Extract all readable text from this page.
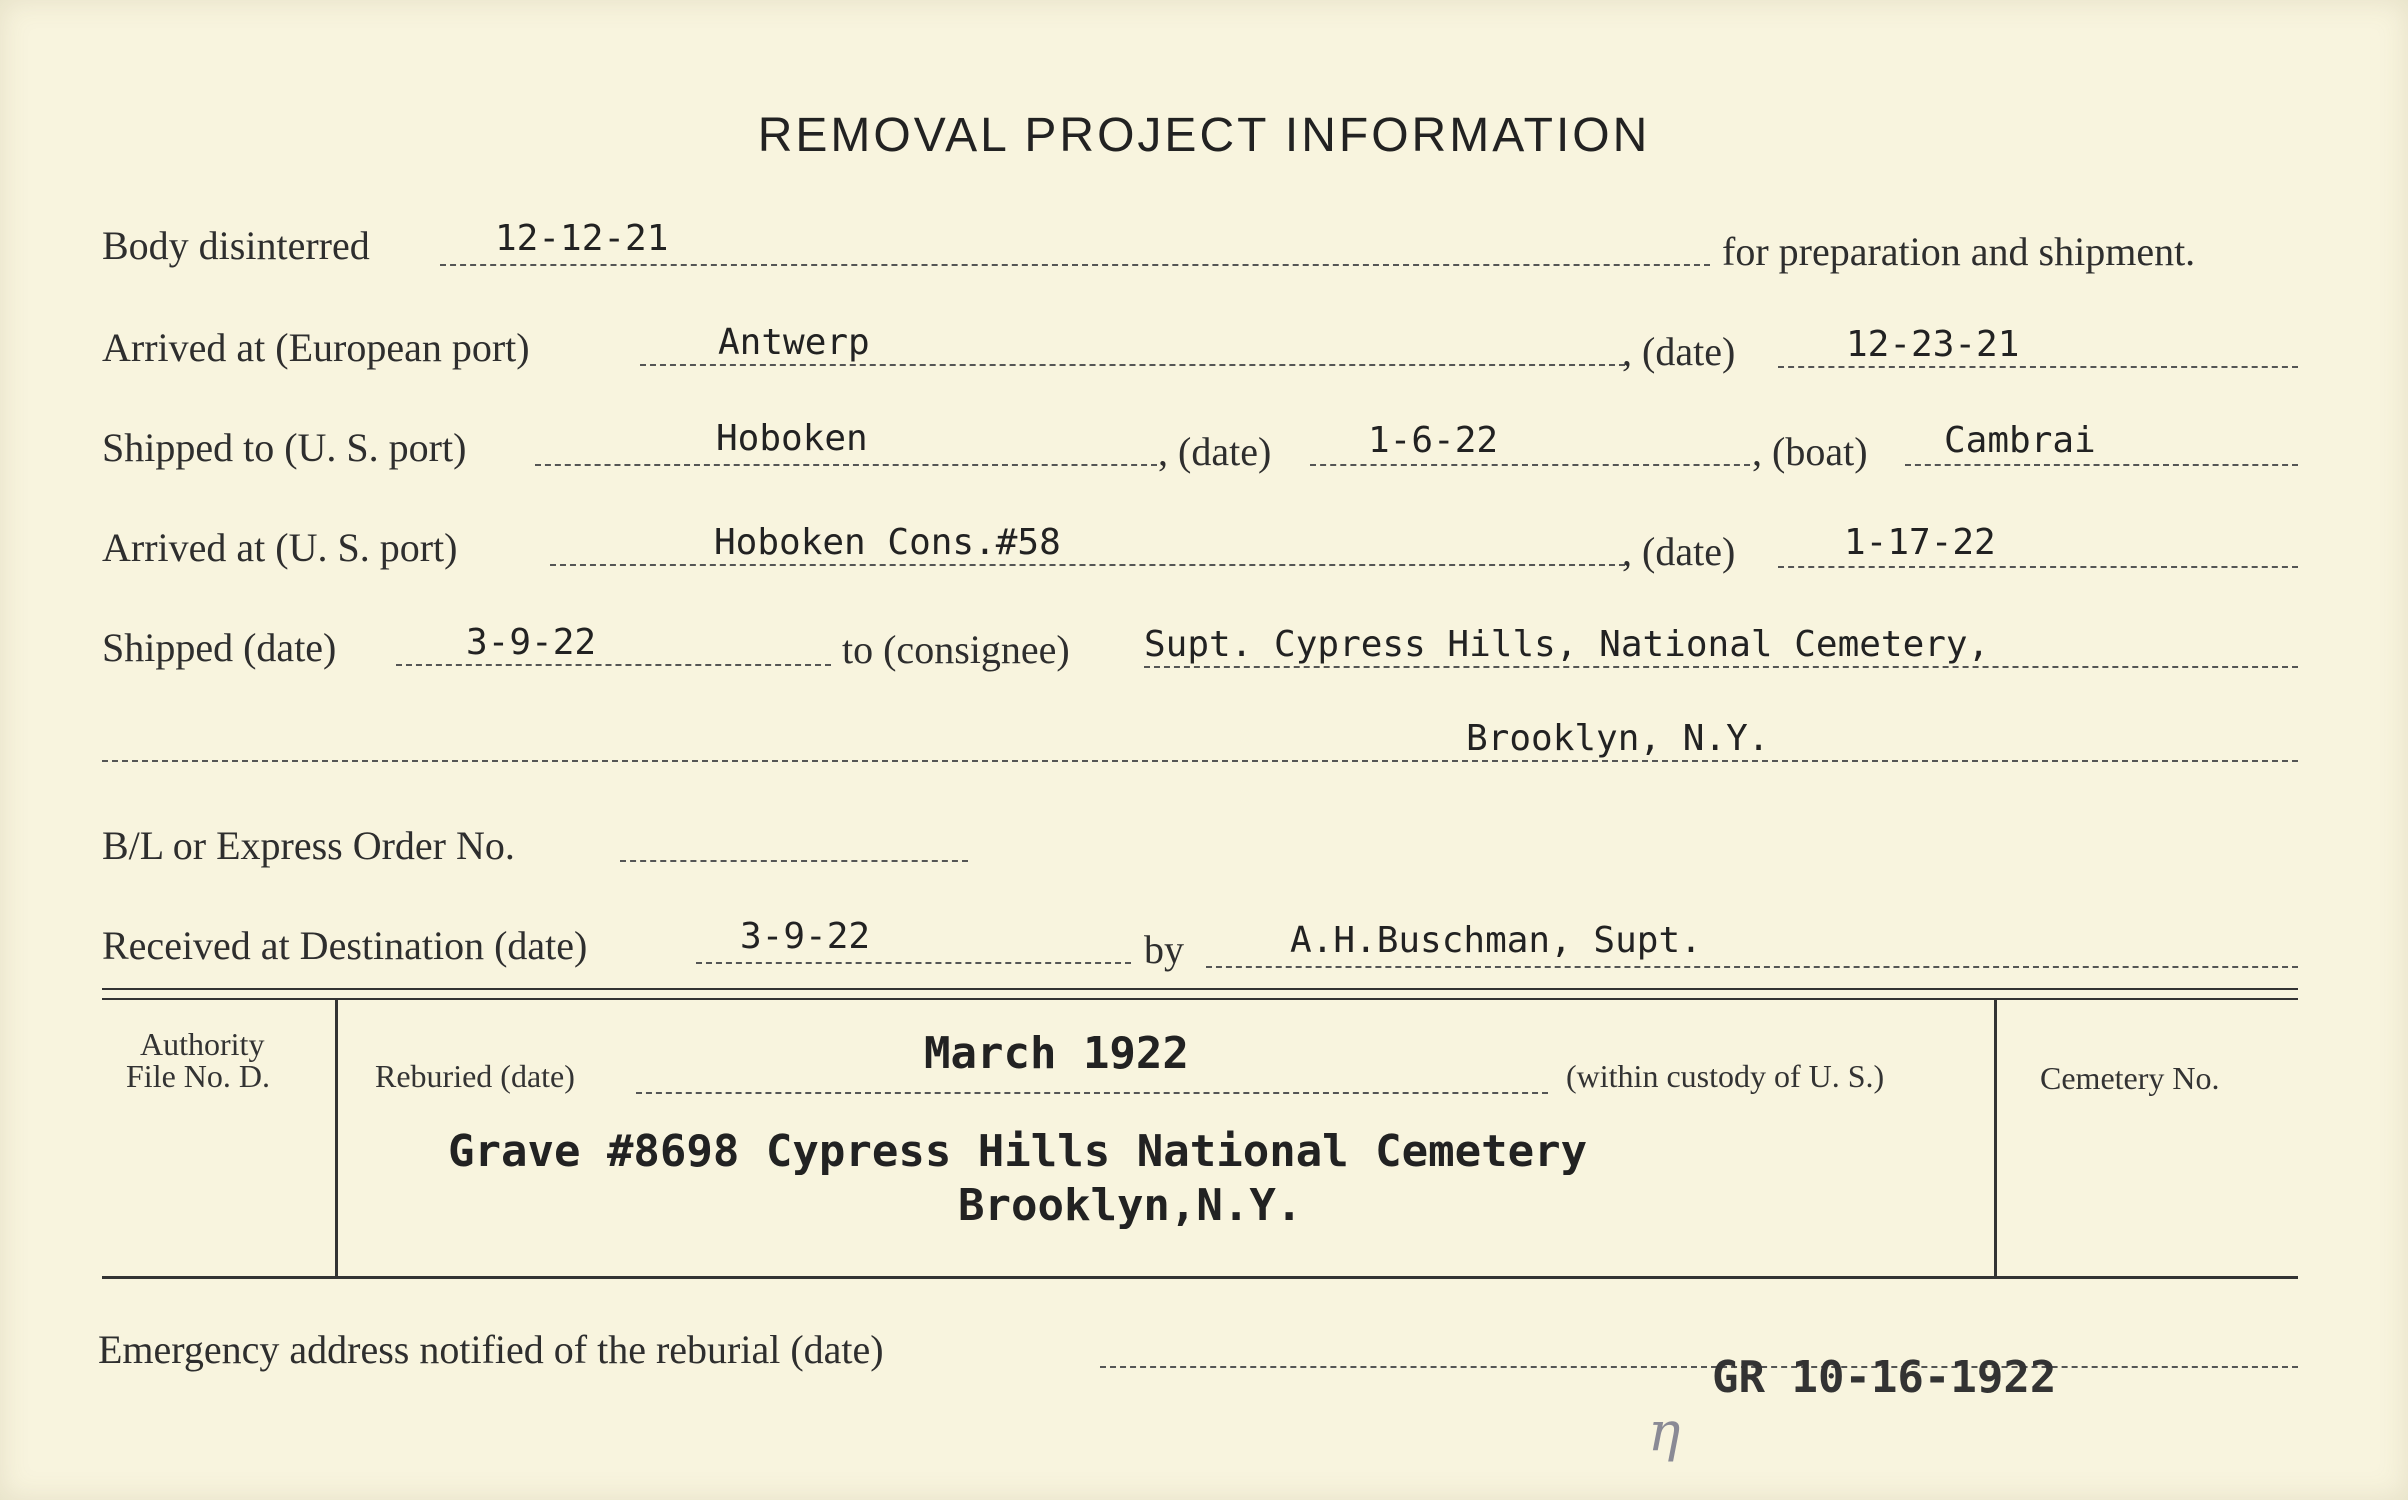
REMOVAL PROJECT INFORMATION
Body disinterred	12-12-21	for preparation and shipment.
Arrived at (European port)	Antwerp	, (date)	12-23-21
Shipped to (U. S. port)	Hoboken	, (date)	1-6-22	, (boat) Cambrai
Arrived at (U. S. port)	Hoboken Cons.#58	, (date)	1-17-22
Shipped (date)	3-9-22	to (consignee) Supt. Cypress Hills, National Cemetery,
Brooklyn, N.Y.
B/L or Express Order No.
Received at Destination (date)	3-9-22	by	A.H.Buschman, Supt.
Authority
File No. D.	Reburied (date)	March 1922	(within custody of U. S.)	Cemetery No.
Grave #8698 Cypress Hills National Cemetery
Brooklyn,N.Y.
Emergency address notified of the reburial (date)
GR 10-16-1922
η
